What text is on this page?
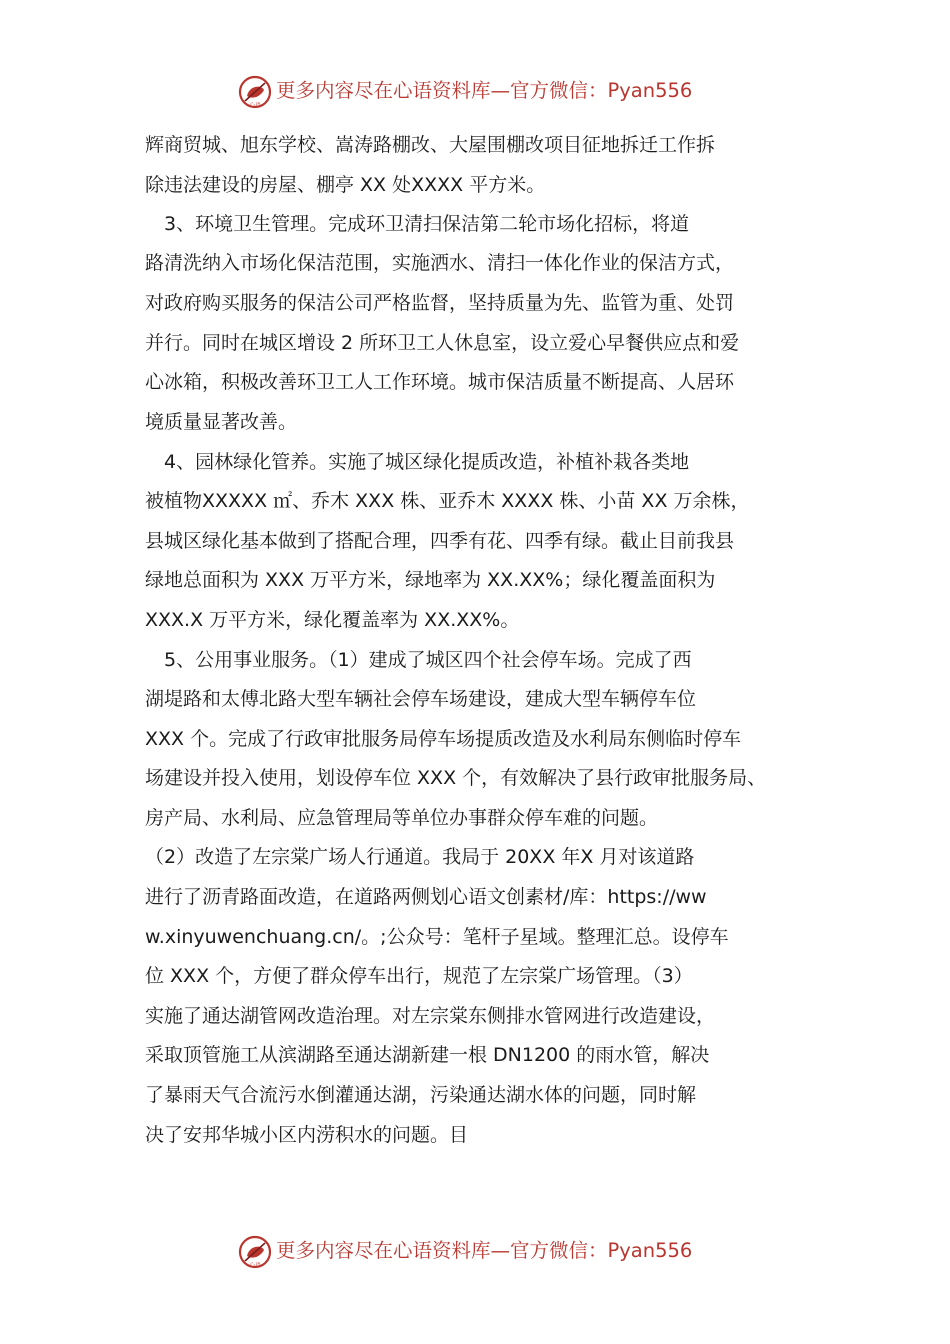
心语
更多内容尽在心语资料库—官方微信：Pyan556
辉商贸城、旭东学校、嵩涛路棚改、大屋围棚改项目征地拆迁工作拆
除违法建设的房屋、棚亭 XX 处XXXX 平方米。
　3、环境卫生管理。完成环卫清扫保洁第二轮市场化招标，将道
路清洗纳入市场化保洁范围，实施洒水、清扫一体化作业的保洁方式，
对政府购买服务的保洁公司严格监督，坚持质量为先、监管为重、处罚
并行。同时在城区增设 2 所环卫工人休息室，设立爱心早餐供应点和爱
心冰箱，积极改善环卫工人工作环境。城市保洁质量不断提高、人居环
境质量显著改善。
　4、园林绿化管养。实施了城区绿化提质改造，补植补栽各类地
被植物XXXXX ㎡、乔木 XXX 株、亚乔木 XXXX 株、小苗 XX 万余株，
县城区绿化基本做到了搭配合理，四季有花、四季有绿。截止目前我县
绿地总面积为 XXX 万平方米，绿地率为 XX.XX%；绿化覆盖面积为
XXX.X 万平方米，绿化覆盖率为 XX.XX%。
　5、公用事业服务。（1）建成了城区四个社会停车场。完成了西
湖堤路和太傅北路大型车辆社会停车场建设，建成大型车辆停车位
XXX 个。完成了行政审批服务局停车场提质改造及水利局东侧临时停车
场建设并投入使用，划设停车位 XXX 个，有效解决了县行政审批服务局、
房产局、水利局、应急管理局等单位办事群众停车难的问题。
（2）改造了左宗棠广场人行通道。我局于 20XX 年X 月对该道路
进行了沥青路面改造，在道路两侧划心语文创素材/库：https://ww
w.xinyuwenchuang.cn/。;公众号：笔杆子星域。整理汇总。设停车
位 XXX 个，方便了群众停车出行，规范了左宗棠广场管理。（3）
实施了通达湖管网改造治理。对左宗棠东侧排水管网进行改造建设，
采取顶管施工从滨湖路至通达湖新建一根 DN1200 的雨水管，解决
了暴雨天气合流污水倒灌通达湖，污染通达湖水体的问题，同时解
决了安邦华城小区内涝积水的问题。目
心语
更多内容尽在心语资料库—官方微信：Pyan556
